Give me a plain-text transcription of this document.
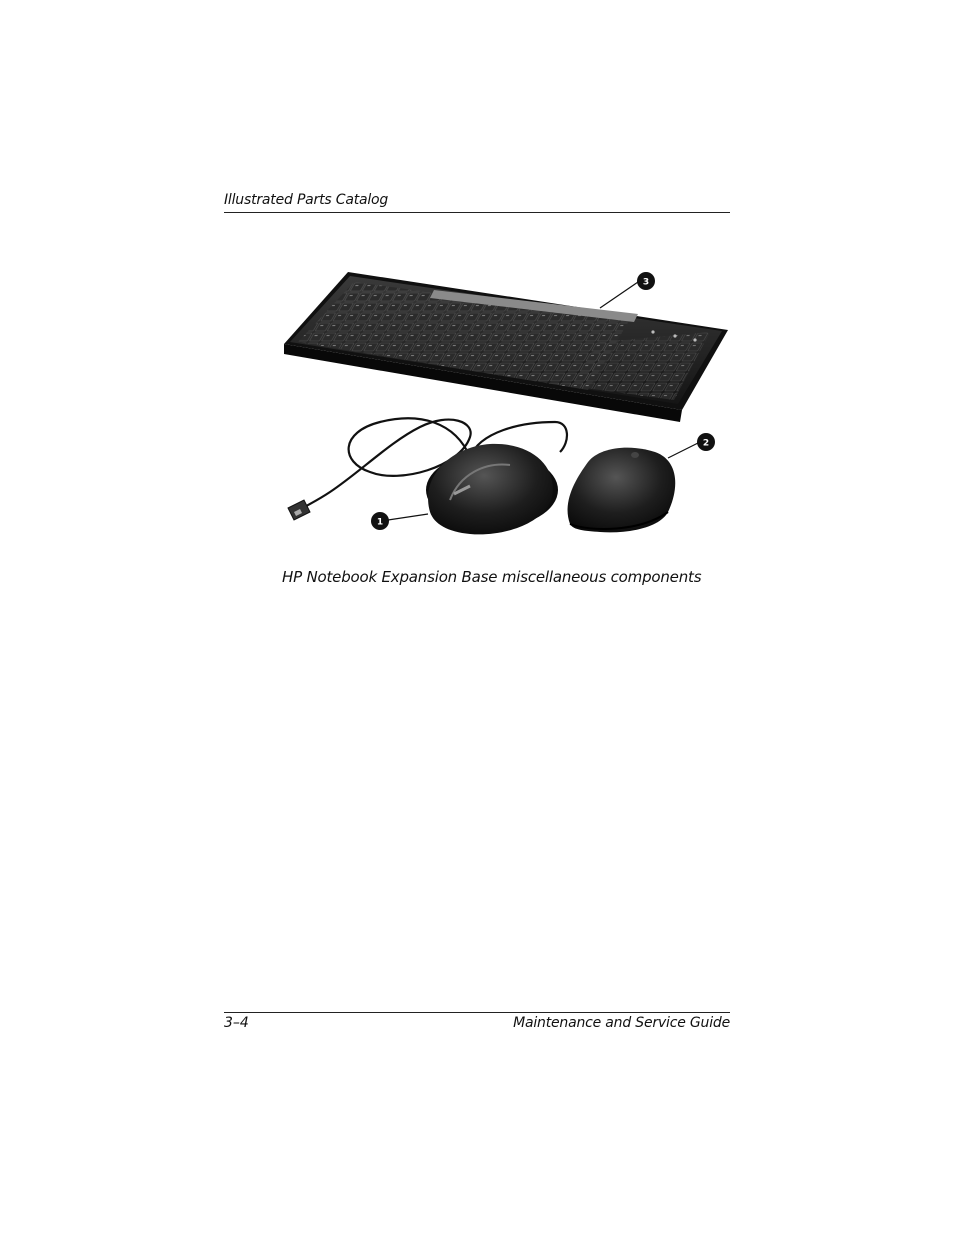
Illustrated Parts Catalog
3
2
1
HP Notebook Expansion Base miscellaneous components
3–4	Maintenance and Service Guide
